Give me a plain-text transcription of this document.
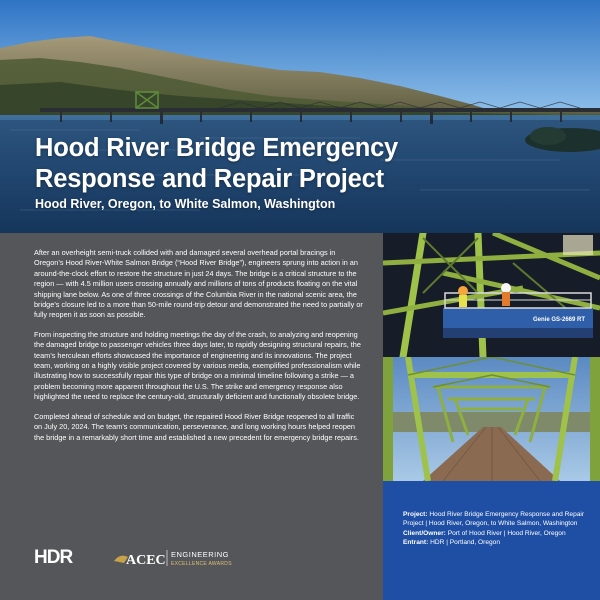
Hood River Bridge Emergency
Response and Repair Project
Hood River, Oregon, to White Salmon, Washington

After an overheight semi-truck collided with and damaged several overhead portal bracings in Oregon’s Hood River-White Salmon Bridge (“Hood River Bridge”), engineers sprung into action in an around-the-clock effort to restore the structure in just 24 days. The bridge is a critical structure to the region — with 4.5 million users crossing annually and millions of tons of products floating on the vital shipping lane below. As one of three crossings of the Columbia River in the national scenic area, the bridge’s closure led to a more than 50-mile round-trip detour and demonstrated the need to partially or fully reopen it as soon as possible.

From inspecting the structure and holding meetings the day of the crash, to analyzing and reopening the damaged bridge to passenger vehicles three days later, to rapidly designing structural repairs, the team’s herculean efforts showcased the importance of engineering and its innovations. The project team, working on a highly visible project covered by various media, exemplified professionalism while illustrating how to successfully repair this type of bridge on a minimal timeline following a strike — a problem becoming more apparent throughout the U.S. The strike and emergency response also highlighted the need to replace the century-old, structurally deficient and functionally obsolete bridge.

Completed ahead of schedule and on budget, the repaired Hood River Bridge reopened to all traffic on July 20, 2024. The team’s communication, perseverance, and long working hours helped reopen the bridge in a remarkably short time and established a new precedent for emergency bridge repairs.

Genie GS-2669 RT
Project: Hood River Bridge Emergency Response and Repair Project | Hood River, Oregon, to White Salmon, Washington
Client/Owner: Port of Hood River | Hood River, Oregon
Entrant: HDR | Portland, Oregon
HDR	ACEC ENGINEERING
EXCELLENCE AWARDS
